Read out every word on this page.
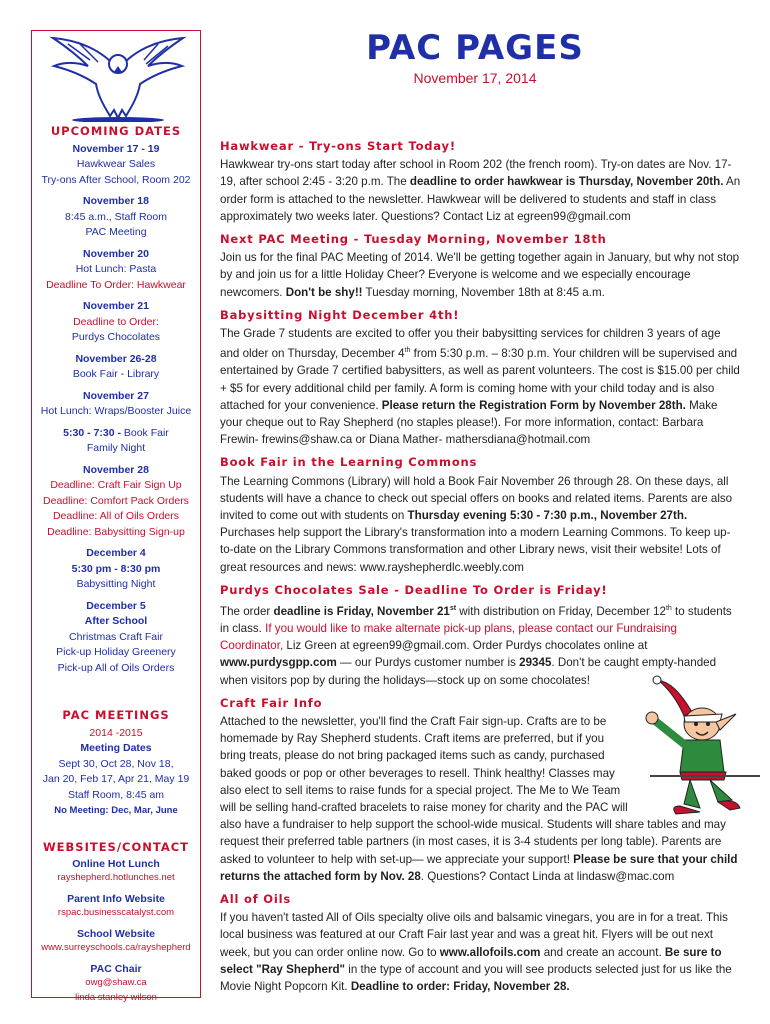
PAC PAGES
November 17, 2014
UPCOMING DATES
November 17 - 19
Hawkwear Sales
Try-ons After School, Room 202
November 18
8:45 a.m., Staff Room
PAC Meeting
November 20
Hot Lunch: Pasta
Deadline To Order: Hawkwear
November 21
Deadline to Order:
Purdys Chocolates
November 26-28
Book Fair - Library
November 27
Hot Lunch: Wraps/Booster Juice
5:30 - 7:30 - Book Fair
Family Night
November 28
Deadline: Craft Fair Sign Up
Deadline: Comfort Pack Orders
Deadline: All of Oils Orders
Deadline: Babysitting Sign-up
December 4
5:30 pm - 8:30 pm
Babysitting Night
December 5
After School
Christmas Craft Fair
Pick-up Holiday Greenery
Pick-up All of Oils Orders
PAC MEETINGS
2014 -2015
Meeting Dates
Sept 30, Oct 28, Nov 18,
Jan 20, Feb 17, Apr 21, May 19
Staff Room, 8:45 am
No Meeting: Dec, Mar, June
WEBSITES/CONTACT
Online Hot Lunch
rayshepherd.hotlunches.net
Parent Info Website
rspac.businesscatalyst.com
School Website
www.surreyschools.ca/rayshepherd
PAC Chair
owg@shaw.ca
linda stanley wilson
Hawkwear - Try-ons Start Today!

Hawkwear try-ons start today after school in Room 202 (the french room). Try-on dates are Nov. 17-19, after school 2:45 - 3:20 p.m. The deadline to order hawkwear is Thursday, November 20th. An order form is attached to the newsletter. Hawkwear will be delivered to students and staff in class approximately two weeks later. Questions? Contact Liz at egreen99@gmail.com

Next PAC Meeting - Tuesday Morning, November 18th

Join us for the final PAC Meeting of 2014. We'll be getting together again in January, but why not stop by and join us for a little Holiday Cheer? Everyone is welcome and we especially encourage newcomers. Don't be shy!! Tuesday morning, November 18th at 8:45 a.m.

Babysitting Night December 4th!

The Grade 7 students are excited to offer you their babysitting services for children 3 years of age and older on Thursday, December 4th from 5:30 p.m. – 8:30 p.m. Your children will be supervised and entertained by Grade 7 certified babysitters, as well as parent volunteers. The cost is $15.00 per child + $5 for every additional child per family. A form is coming home with your child today and is also attached for your convenience. Please return the Registration Form by November 28th. Make your cheque out to Ray Shepherd (no staples please!). For more information, contact: Barbara Frewin- frewins@shaw.ca or Diana Mather- mathersdiana@hotmail.com

Book Fair in the Learning Commons

The Learning Commons (Library) will hold a Book Fair November 26 through 28. On these days, all students will have a chance to check out special offers on books and related items. Parents are also invited to come out with students on Thursday evening 5:30 - 7:30 p.m., November 27th. Purchases help support the Library's transformation into a modern Learning Commons. To keep up-to-date on the Library Commons transformation and other Library news, visit their website! Lots of great resources and news: www.rayshepherdlc.weebly.com

Purdys Chocolates Sale - Deadline To Order is Friday!

The order deadline is Friday, November 21st with distribution on Friday, December 12th to students in class. If you would like to make alternate pick-up plans, please contact our Fundraising Coordinator, Liz Green at egreen99@gmail.com. Order Purdys chocolates online at www.purdysgpp.com — our Purdys customer number is 29345. Don't be caught empty-handed when visitors pop by during the holidays—stock up on some chocolates!

Craft Fair Info

Attached to the newsletter, you'll find the Craft Fair sign-up. Crafts are to be homemade by Ray Shepherd students. Craft items are preferred, but if you bring treats, please do not bring packaged items such as candy, purchased baked goods or pop or other beverages to resell. Think healthy! Classes may also elect to sell items to raise funds for a special project. The Me to We Team will be selling hand-crafted bracelets to raise money for charity and the PAC will also have a fundraiser to help support the school-wide musical. Students will share tables and may request their preferred table partners (in most cases, it is 3-4 students per long table). Parents are asked to volunteer to help with set-up— we appreciate your support! Please be sure that your child returns the attached form by Nov. 28. Questions? Contact Linda at lindasw@mac.com

All of Oils

If you haven't tasted All of Oils specialty olive oils and balsamic vinegars, you are in for a treat. This local business was featured at our Craft Fair last year and was a great hit. Flyers will be out next week, but you can order online now. Go to www.allofoils.com and create an account. Be sure to select "Ray Shepherd" in the type of account and you will see products selected just for us like the Movie Night Popcorn Kit. Deadline to order: Friday, November 28.
